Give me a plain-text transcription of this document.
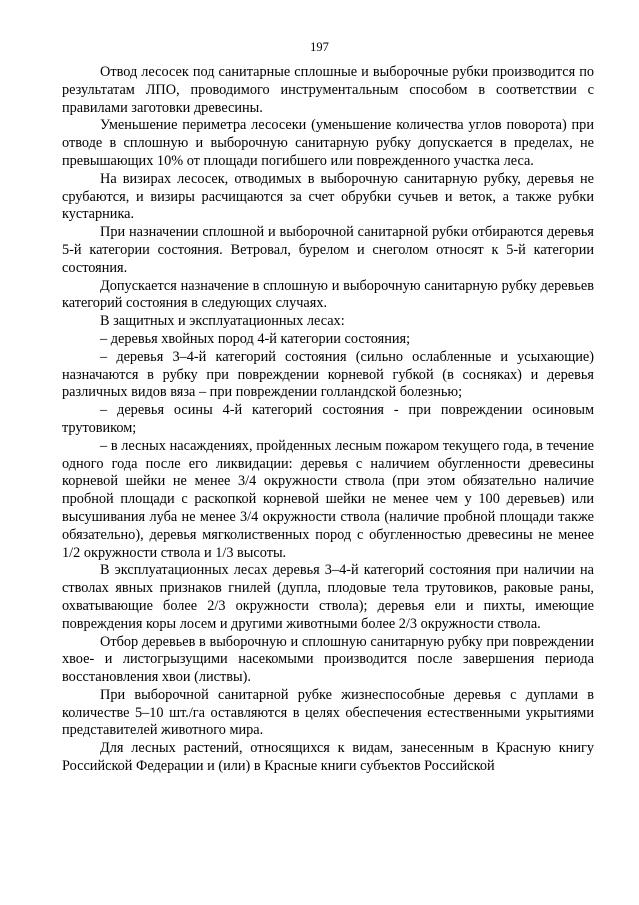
197

Отвод лесосек под санитарные сплошные и выборочные рубки производится по результатам ЛПО, проводимого инструментальным способом в соответствии с правилами заготовки древесины.

Уменьшение периметра лесосеки (уменьшение количества углов поворота) при отводе в сплошную и выборочную санитарную рубку допускается в пределах, не превышающих 10% от площади погибшего или поврежденного участка леса.

На визирах лесосек, отводимых в выборочную санитарную рубку, деревья не срубаются, и визиры расчищаются за счет обрубки сучьев и веток, а также рубки кустарника.

При назначении сплошной и выборочной санитарной рубки отбираются деревья 5-й категории состояния. Ветровал, бурелом и снеголом относят к 5-й категории состояния.

Допускается назначение в сплошную и выборочную санитарную рубку деревьев категорий состояния в следующих случаях.

В защитных и эксплуатационных лесах:

– деревья хвойных пород 4-й категории состояния;

– деревья 3–4-й категорий состояния (сильно ослабленные и усыхающие) назначаются в рубку при повреждении корневой губкой (в сосняках) и деревья различных видов вяза – при повреждении голландской болезнью;

– деревья осины 4-й категорий состояния - при повреждении осиновым трутовиком;

– в лесных насаждениях, пройденных лесным пожаром текущего года, в течение одного года после его ликвидации: деревья с наличием обугленности древесины корневой шейки не менее 3/4 окружности ствола (при этом обязательно наличие пробной площади с раскопкой корневой шейки не менее чем у 100 деревьев) или высушивания луба не менее 3/4 окружности ствола (наличие пробной площади также обязательно), деревья мягколиственных пород с обугленностью древесины не менее 1/2 окружности ствола и 1/3 высоты.

В эксплуатационных лесах деревья 3–4-й категорий состояния при наличии на стволах явных признаков гнилей (дупла, плодовые тела трутовиков, раковые раны, охватывающие более 2/3 окружности ствола); деревья ели и пихты, имеющие повреждения коры лосем и другими животными более 2/3 окружности ствола.

Отбор деревьев в выборочную и сплошную санитарную рубку при повреждении хвое- и листогрызущими насекомыми производится после завершения периода восстановления хвои (листвы).

При выборочной санитарной рубке жизнеспособные деревья с дуплами в количестве 5–10 шт./га оставляются в целях обеспечения естественными укрытиями представителей животного мира.

Для лесных растений, относящихся к видам, занесенным в Красную книгу Российской Федерации и (или) в Красные книги субъектов Российской
